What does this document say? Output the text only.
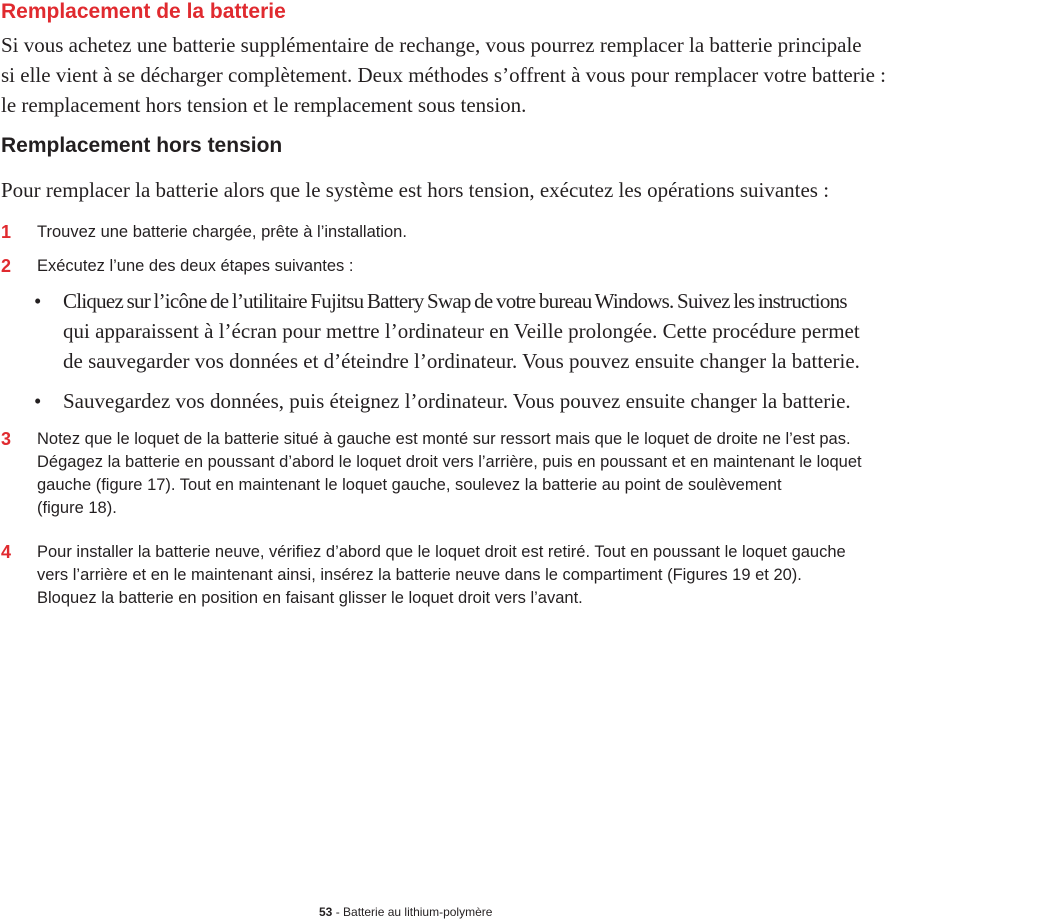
Remplacement de la batterie

Si vous achetez une batterie supplémentaire de rechange, vous pourrez remplacer la batterie principale
si elle vient à se décharger complètement. Deux méthodes s’offrent à vous pour remplacer votre batterie :
le remplacement hors tension et le remplacement sous tension.

Remplacement hors tension

Pour remplacer la batterie alors que le système est hors tension, exécutez les opérations suivantes :

1 Trouvez une batterie chargée, prête à l’installation.
2 Exécutez l’une des deux étapes suivantes :
• Cliquez sur l’icône de l’utilitaire Fujitsu Battery Swap de votre bureau Windows. Suivez les instructions
qui apparaissent à l’écran pour mettre l’ordinateur en Veille prolongée. Cette procédure permet
de sauvegarder vos données et d’éteindre l’ordinateur. Vous pouvez ensuite changer la batterie.
• Sauvegardez vos données, puis éteignez l’ordinateur. Vous pouvez ensuite changer la batterie.
3 Notez que le loquet de la batterie situé à gauche est monté sur ressort mais que le loquet de droite ne l’est pas.
Dégagez la batterie en poussant d’abord le loquet droit vers l’arrière, puis en poussant et en maintenant le loquet
gauche (figure 17). Tout en maintenant le loquet gauche, soulevez la batterie au point de soulèvement
(figure 18).
4 Pour installer la batterie neuve, vérifiez d’abord que le loquet droit est retiré. Tout en poussant le loquet gauche
vers l’arrière et en le maintenant ainsi, insérez la batterie neuve dans le compartiment (Figures 19 et 20).
Bloquez la batterie en position en faisant glisser le loquet droit vers l’avant.
53 - Batterie au lithium-polymère
